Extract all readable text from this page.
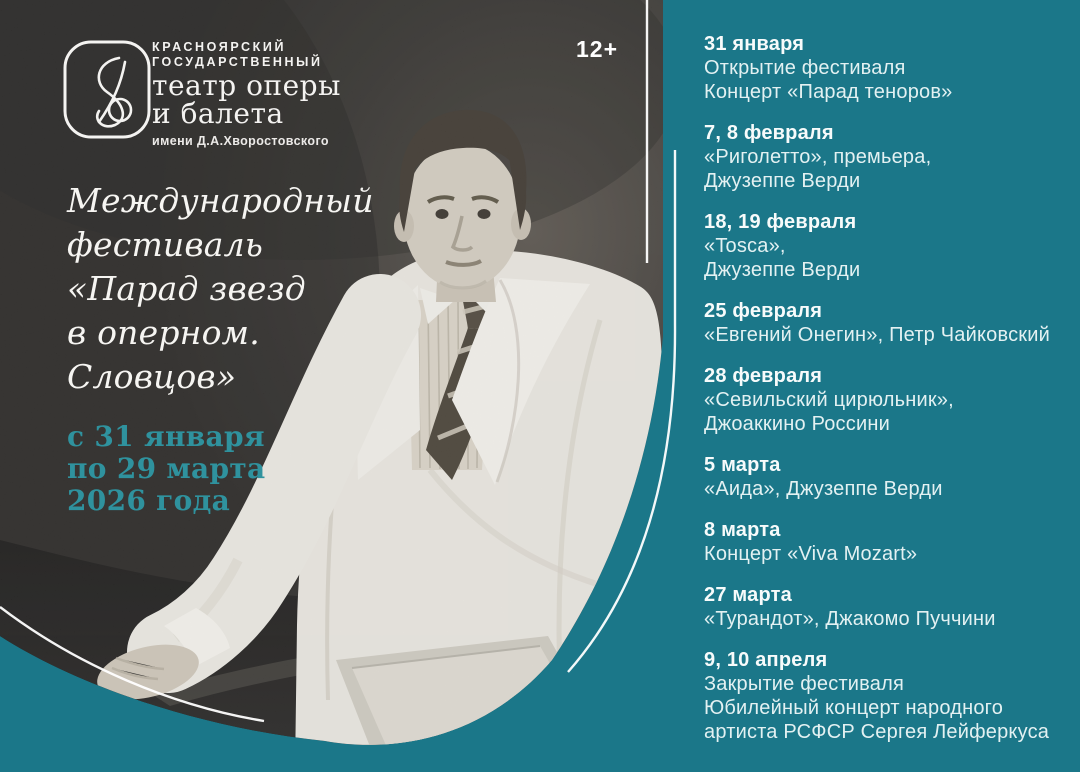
КРАСНОЯРСКИЙ
ГОСУДАРСТВЕННЫЙ
театр оперы
и балета
имени Д.А.Хворостовского
12+
Международный
фестиваль
«Парад звезд
в оперном.
Словцов»
с 31 января
по 29 марта
2026 года
31 января
Открытие фестиваля
Концерт «Парад теноров»
7, 8 февраля
«Риголетто», премьера,
Джузеппе Верди
18, 19 февраля
«Tosca»,
Джузеппе Верди
25 февраля
«Евгений Онегин», Петр Чайковский
28 февраля
«Севильский цирюльник»,
Джоаккино Россини
5 марта
«Аида», Джузеппе Верди
8 марта
Концерт «Viva Mozart»
27 марта
«Турандот», Джакомо Пуччини
9, 10 апреля
Закрытие фестиваля
Юбилейный концерт народного
артиста РСФСР Сергея Лейферкуса
